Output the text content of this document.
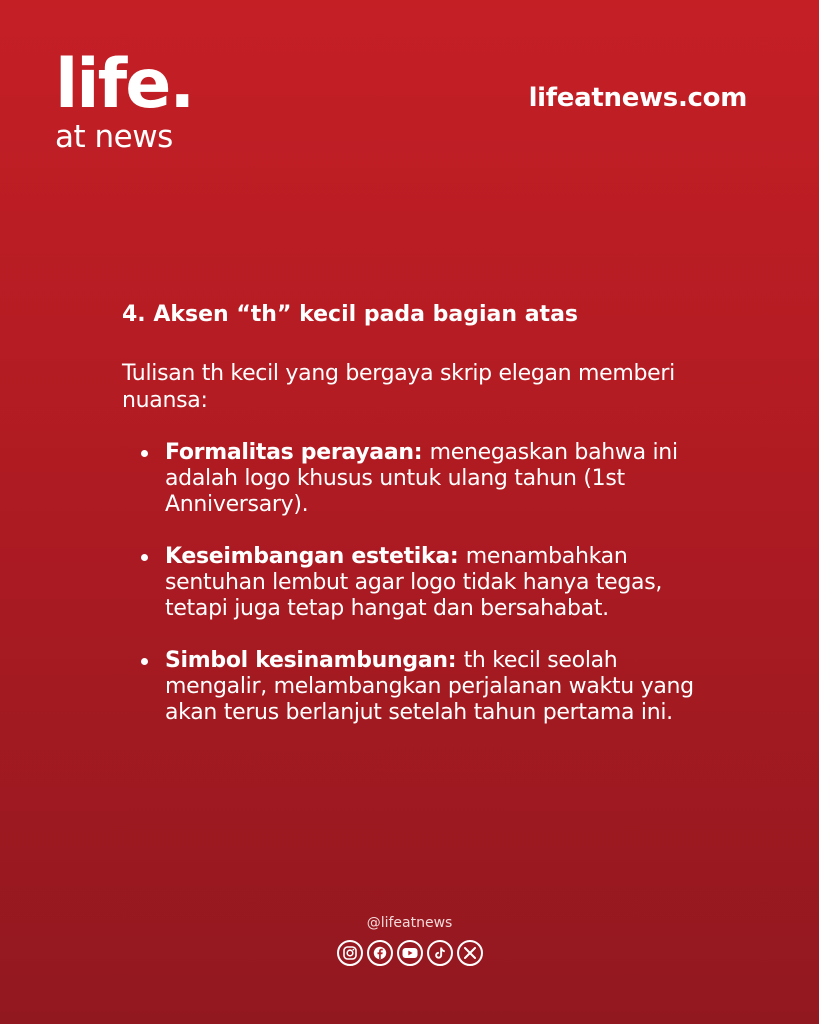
life.
at news
lifeatnews.com
4. Aksen “th” kecil pada bagian atas

Tulisan th kecil yang bergaya skrip elegan memberi nuansa:

Formalitas perayaan: menegaskan bahwa ini adalah logo khusus untuk ulang tahun (1st Anniversary).
Keseimbangan estetika: menambahkan sentuhan lembut agar logo tidak hanya tegas, tetapi juga tetap hangat dan bersahabat.
Simbol kesinambungan: th kecil seolah mengalir, melambangkan perjalanan waktu yang akan terus berlanjut setelah tahun pertama ini.
@lifeatnews
